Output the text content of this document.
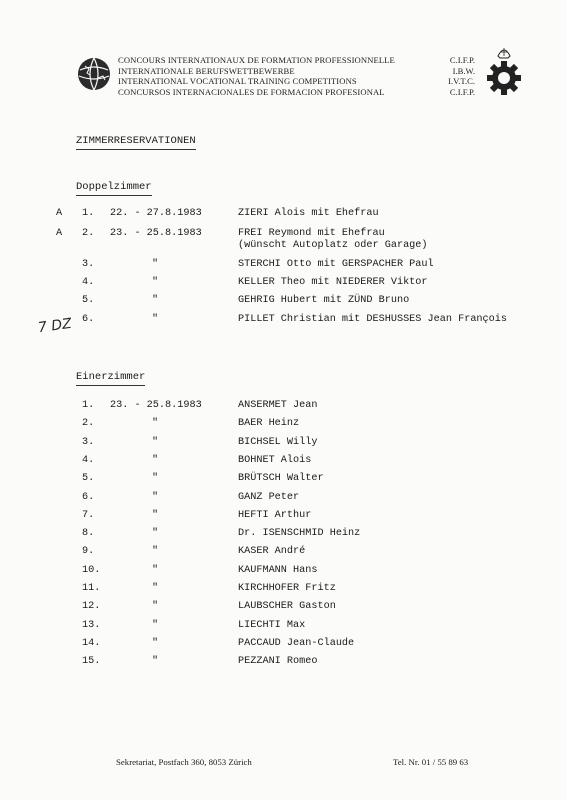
CONCOURS INTERNATIONAUX DE FORMATION PROFESSIONNELLE
INTERNATIONALE BERUFSWETTBEWERBE
INTERNATIONAL VOCATIONAL TRAINING COMPETITIONS
CONCURSOS INTERNACIONALES DE FORMACION PROFESIONAL
C.I.F.P.
I.B.W.
I.V.T.C.
C.I.F.P.
ZIMMERRESERVATIONEN
Doppelzimmer
A 1. 22. - 27.8.1983	ZIERI Alois mit Ehefrau
A 2. 23. - 25.8.1983	FREI Reymond mit Ehefrau
(wünscht Autoplatz oder Garage)
3.	"	STERCHI Otto mit GERSPACHER Paul
4.	"	KELLER Theo mit NIEDERER Viktor
5.	"	GEHRIG Hubert mit ZÜND Bruno
6.	"	PILLET Christian mit DESHUSSES Jean François
7 DZ
Einerzimmer
1. 23. - 25.8.1983	ANSERMET Jean
2.	"	BAER Heinz
3.	"	BICHSEL Willy
4.	"	BOHNET Alois
5.	"	BRÜTSCH Walter
6.	"	GANZ Peter
7.	"	HEFTI Arthur
8.	"	Dr. ISENSCHMID Heinz
9.	"	KASER André
10.	"	KAUFMANN Hans
11.	"	KIRCHHOFER Fritz
12.	"	LAUBSCHER Gaston
13.	"	LIECHTI Max
14.	"	PACCAUD Jean-Claude
15.	"	PEZZANI Romeo
Sekretariat, Postfach 360, 8053 Zürich	Tel. Nr. 01 / 55 89 63
